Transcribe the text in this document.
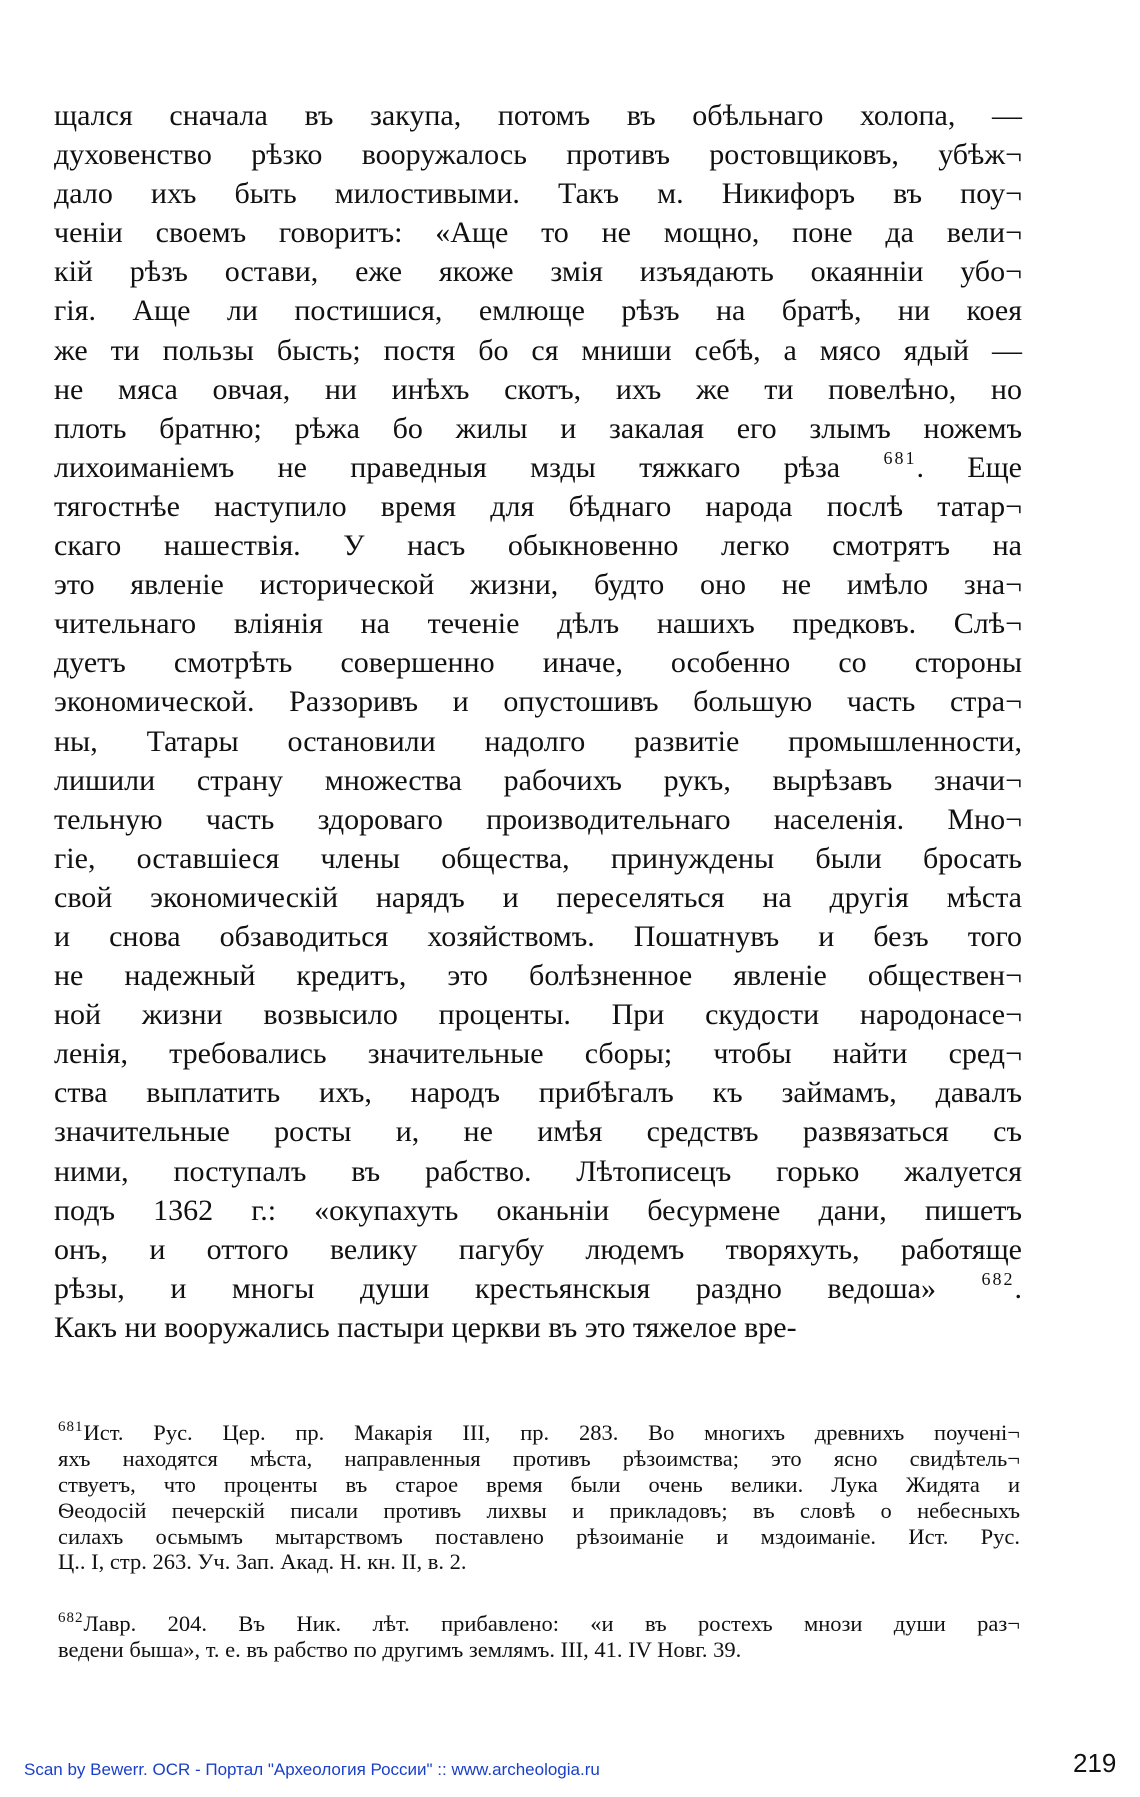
щался сначала въ закупа, потомъ въ обѣльнаго холопа, —
духовенство рѣзко вооружалось противъ ростовщиковъ, убѣж¬
дало ихъ быть милостивыми. Такъ м. Никифоръ въ поу¬
ченіи своемъ говоритъ: «Аще то не мощно, поне да вели¬
кій рѣзъ остави, еже якоже змія изъядають окаянніи убо¬
гія. Аще ли постишися, емлюще рѣзъ на братѣ, ни коея
же ти пользы бысть; постя бо ся мниши себѣ, а мясо ядый —
не мяса овчая, ни инѣхъ скотъ, ихъ же ти повелѣно, но
плоть братню; рѣжа бо жилы и закалая его злымъ ножемъ
лихоиманіемъ не праведныя мзды тяжкаго рѣза $^{681}$. Еще
тягостнѣе наступило время для бѣднаго народа послѣ татар¬
скаго нашествія. У насъ обыкновенно легко смотрятъ на
это явленіе исторической жизни, будто оно не имѣло зна¬
чительнаго вліянія на теченіе дѣлъ нашихъ предковъ. Слѣ¬
дуетъ смотрѣть совершенно иначе, особенно со стороны
экономической. Раззоривъ и опустошивъ большую часть стра¬
ны, Татары остановили надолго развитіе промышленности,
лишили страну множества рабочихъ рукъ, вырѣзавъ значи¬
тельную часть здороваго производительнаго населенія. Мно¬
гіе, оставшіеся члены общества, принуждены были бросать
свой экономическій нарядъ и переселяться на другія мѣста
и снова обзаводиться хозяйствомъ. Пошатнувъ и безъ того
не надежный кредитъ, это болѣзненное явленіе обществен¬
ной жизни возвысило проценты. При скудости народонасе¬
ленія, требовались значительные сборы; чтобы найти сред¬
ства выплатить ихъ, народъ прибѣгалъ къ займамъ, давалъ
значительные росты и, не имѣя средствъ развязаться съ
ними, поступалъ въ рабство. Лѣтописецъ горько жалуется
подъ 1362 г.: «окупахуть оканьніи бесурмене дани, пишетъ
онъ, и оттого велику пагубу людемъ творяхуть, работяще
рѣзы, и многы души крестьянскыя раздно ведоша»	$^{682}$.
Какъ ни вооружались пастыри церкви въ это тяжелое вре-
$^{681}$Ист. Рус. Цер. пр. Макарія III, пр. 283. Во многихъ древнихъ поученi¬
яхъ находятся мѣста, направленныя противъ рѣзоимства; это ясно свидѣтель¬
ствуетъ, что проценты въ старое время были очень велики. Лука Жидята и
Ѳеодосій печерскій писали противъ лихвы и прикладовъ; въ словѣ о небесныхъ
силахъ осьмымъ мытарствомъ поставлено рѣзоиманіе и мздоиманіе. Ист. Рус.
Ц.. I, стр. 263. Уч. Зап. Акад. Н. кн. II, в. 2.
$^{682}$Лавр. 204. Въ Ник. лѣт. прибавлено: «и въ ростехъ мнози души раз¬
ведени быша», т. е. въ рабство по другимъ землямъ. III, 41. IV Новг. 39.
Scan by Bewerr. OCR - Портал "Археология России" :: www.archeologia.ru	219
